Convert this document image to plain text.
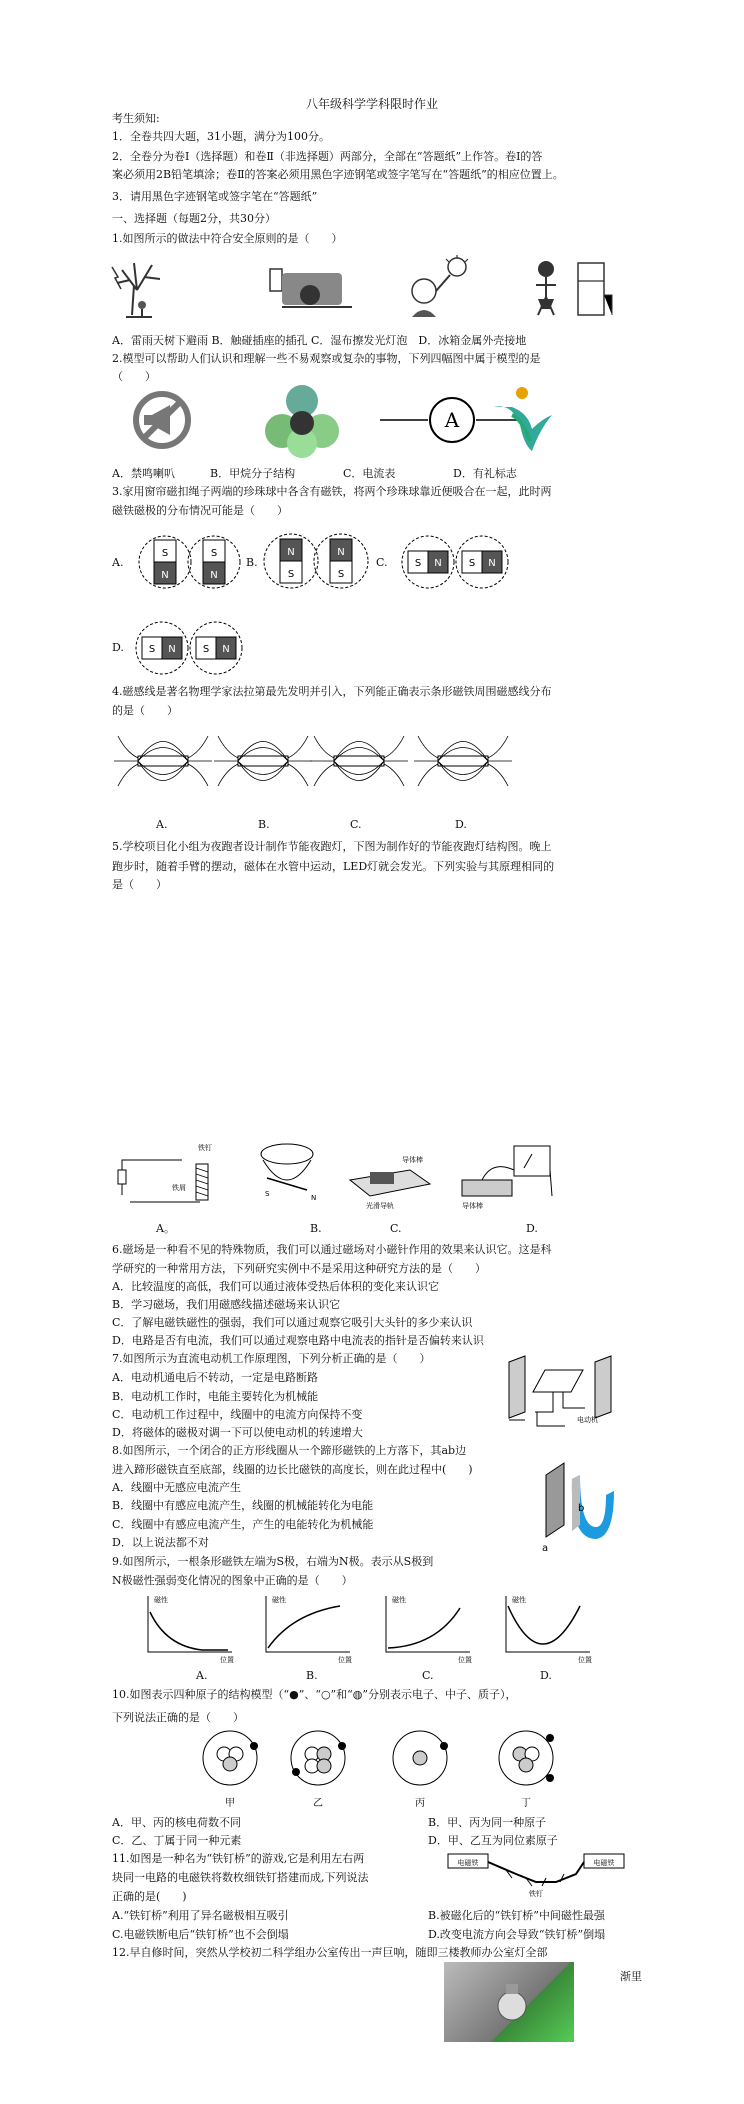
八年级科学学科限时作业
考生须知:
1．全卷共四大题，31小题，满分为100分。
2．全卷分为卷Ⅰ（选择题）和卷Ⅱ（非选择题）两部分，全部在“答题纸”上作答。卷Ⅰ的答
案必须用2B铅笔填涂；卷Ⅱ的答案必须用黑色字迹钢笔或签字笔写在“答题纸”的相应位置上。
3．请用黑色字迹钢笔或签字笔在“答题纸”
一、选择题（每题2分，共30分）
1.如图所示的做法中符合安全原则的是（　　）
A．雷雨天树下避雨 B．触碰插座的插孔 C．湿布擦发光灯泡　D．冰箱金属外壳接地
2.模型可以帮助人们认识和理解一些不易观察或复杂的事物，下列四幅图中属于模型的是
（　　）
A
A．禁鸣喇叭	B．甲烷分子结构	C．电流表	D．有礼标志
3.家用窗帘磁扣绳子两端的珍珠球中各含有磁铁，将两个珍珠球靠近便吸合在一起，此时两
磁铁磁极的分布情况可能是（　　）
A.
S
N
S
N
B.
N
S
N
S
C.	S N	S N
D. S N	S N
4.磁感线是著名物理学家法拉第最先发明并引入，下列能正确表示条形磁铁周围磁感线分布
的是（　　）
A.	B.	C.	D.
5.学校项目化小组为夜跑者设计制作节能夜跑灯，下图为制作好的节能夜跑灯结构图。晚上
跑步时，随着手臂的摆动，磁体在水管中运动，LED灯就会发光。下列实验与其原理相同的
是（　　）
铁钉
铁屑
S	N
导体棒
光滑导轨	导体棒
A。	B.	C.	D.
6.磁场是一种看不见的特殊物质，我们可以通过磁场对小磁针作用的效果来认识它。这是科
学研究的一种常用方法，下列研究实例中不是采用这种研究方法的是（　　）
A．比较温度的高低，我们可以通过液体受热后体积的变化来认识它
B．学习磁场，我们用磁感线描述磁场来认识它
C．了解电磁铁磁性的强弱，我们可以通过观察它吸引大头针的多少来认识
D．电路是否有电流，我们可以通过观察电路中电流表的指针是否偏转来认识
7.如图所示为直流电动机工作原理图，下列分析正确的是（　　）
A．电动机通电后不转动，一定是电路断路
B．电动机工作时，电能主要转化为机械能
C．电动机工作过程中，线圈中的电流方向保持不变
D．将磁体的磁极对调一下可以使电动机的转速增大
电动机
8.如图所示，一个闭合的正方形线圈从一个蹄形磁铁的上方落下，其ab边
进入蹄形磁铁直至底部，线圈的边长比磁铁的高度长，则在此过程中(　　)
A．线圈中无感应电流产生
B．线圈中有感应电流产生，线圈的机械能转化为电能
C．线圈中有感应电流产生，产生的电能转化为机械能
D．以上说法都不对
b
a
9.如图所示，一根条形磁铁左端为S极，右端为N极。表示从S极到
N极磁性强弱变化情况的图象中正确的是（　　）
磁性	磁性	磁性	磁性
位置	位置	位置	位置
A.	B.	C.	D.
10.如图表示四种原子的结构模型（“●”、“○”和“◍”分别表示电子、中子、质子），
下列说法正确的是（　　）
甲	乙	丙	丁
A．甲、丙的核电荷数不同	B．甲、丙为同一种原子
C．乙、丁属于同一种元素	D．甲、乙互为同位素原子
11.如图是一种名为“铁钉桥”的游戏,它是利用左右两
块同一电路的电磁铁将数枚细铁钉搭建而成,下列说法
正确的是(　　)
电磁铁	电磁铁
铁钉
A.“铁钉桥”利用了异名磁极相互吸引	B.被磁化后的“铁钉桥”中间磁性最强
C.电磁铁断电后“铁钉桥”也不会倒塌	D.改变电流方向会导致“铁钉桥”倒塌
12.早自修时间，突然从学校初二科学组办公室传出一声巨响，随即三楼教师办公室灯全部
渐里
